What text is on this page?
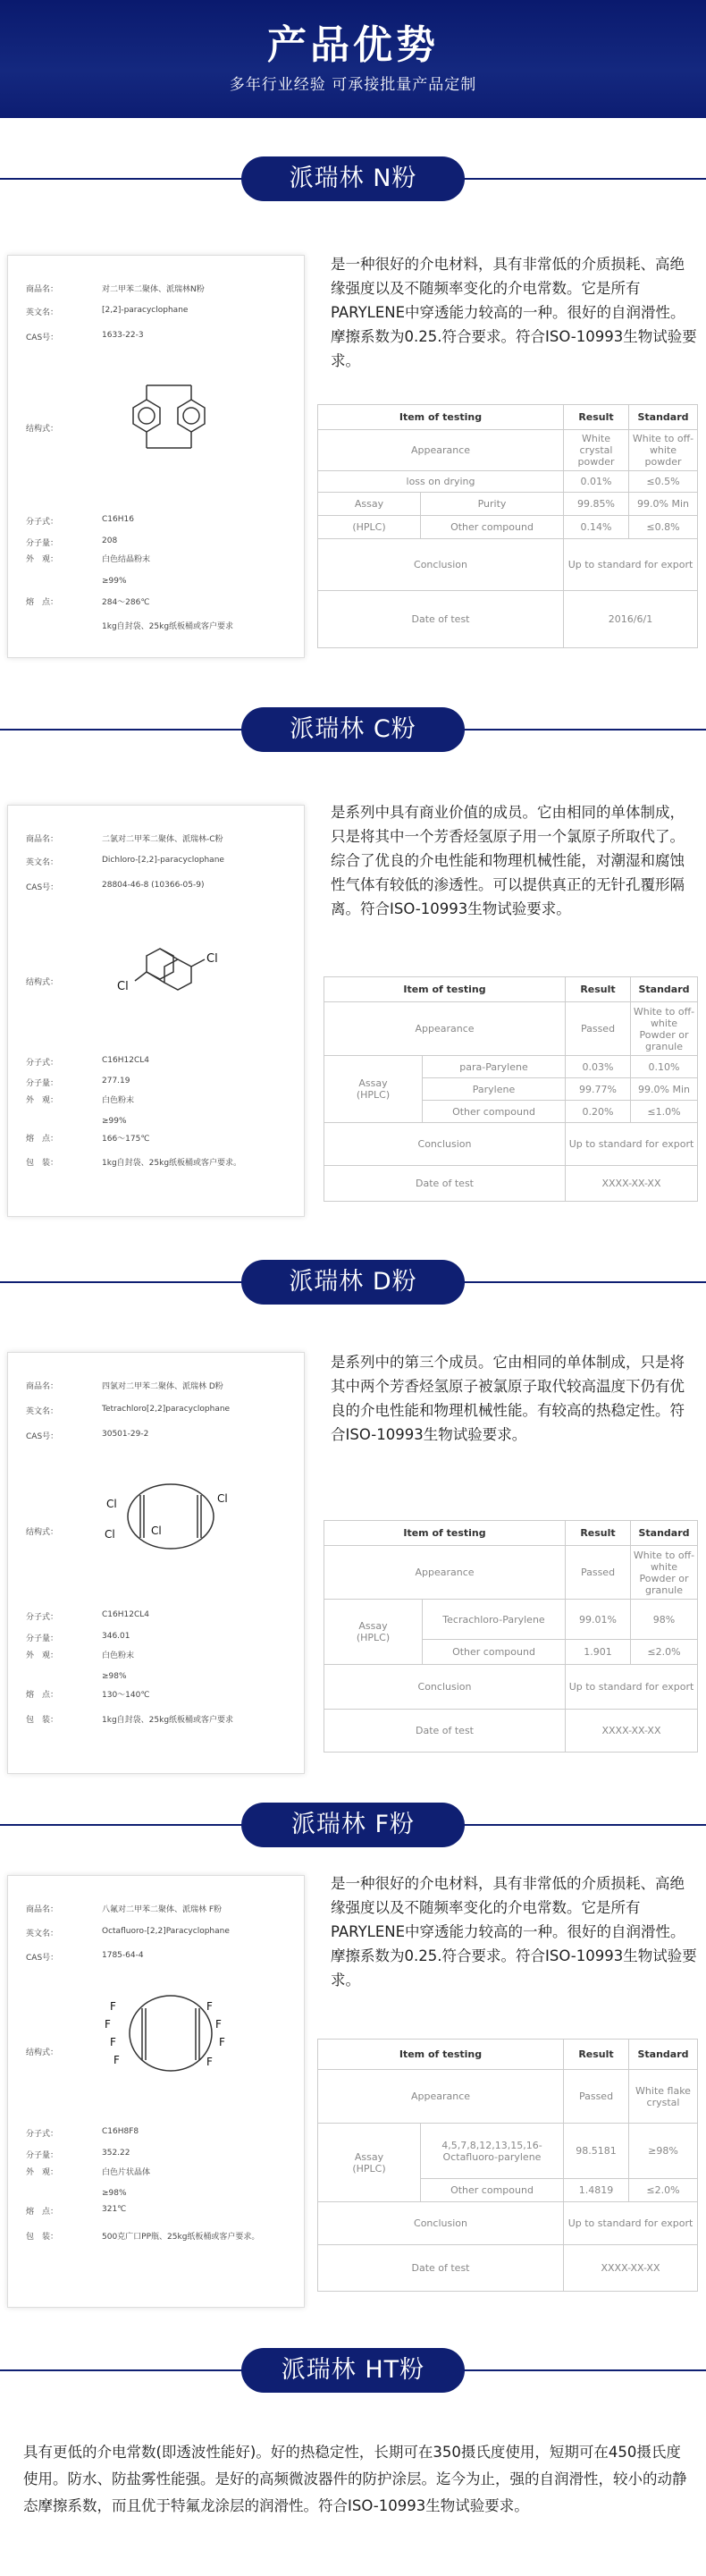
产品优势

多年行业经验 可承接批量产品定制

派瑞林 N粉
商品名：	对二甲苯二聚体、派瑞林N粉
英文名：	[2,2]-paracyclophane
CAS号：	1633-22-3
结构式：
分子式：	C16H16
分子量：	208
外　观：	白色结晶粉末
≥99%
熔　点：	284～286℃
1kg自封袋、25kg纸板桶或客户要求
是一种很好的介电材料，具有非常低的介质损耗、高绝缘强度以及不随频率变化的介电常数。它是所有PARYLENE中穿透能力较高的一种。很好的自润滑性。摩擦系数为0.25.符合要求。符合ISO-10993生物试验要求。
Item of testing		Result	Standard
Appearance		White crystal powder	White to off-white powder
loss on drying		0.01%	≤0.5%
Assay	Purity	99.85%	99.0% Min
(HPLC)	Other compound	0.14%	≤0.8%
Conclusion		Up to standard for export	
Date of test		2016/6/1	
派瑞林 C粉
商品名：	二氯对二甲苯二聚体、派瑞林-C粉
英文名：	Dichloro-[2,2]-paracyclophane
CAS号：	28804-46-8 (10366-05-9)
结构式：
Cl
Cl
分子式：	C16H12CL4
分子量：	277.19
外　观：	白色粉末
≥99%
熔　点：	166～175℃
包　装：	1kg自封袋、25kg纸板桶或客户要求。
是系列中具有商业价值的成员。它由相同的单体制成，只是将其中一个芳香烃氢原子用一个氯原子所取代了。综合了优良的介电性能和物理机械性能，对潮湿和腐蚀性气体有较低的渗透性。可以提供真正的无针孔覆形隔离。符合ISO-10993生物试验要求。
Item of testing		Result	Standard
Appearance		Passed	White to off-white Powder or granule
Assay
(HPLC)	para-Parylene	0.03%	0.10%
	Parylene	99.77%	99.0% Min
	Other compound	0.20%	≤1.0%
Conclusion		Up to standard for export	
Date of test		XXXX-XX-XX	
派瑞林 D粉
商品名：	四氯对二甲苯二聚体、派瑞林 D粉
英文名：	Tetrachloro[2,2]paracyclophane
CAS号：	30501-29-2
结构式：
Cl
Cl	Cl
Cl
分子式：	C16H12CL4
分子量：	346.01
外　观：	白色粉末
≥98%
熔　点：	130～140℃
包　装：	1kg自封袋、25kg纸板桶或客户要求
是系列中的第三个成员。它由相同的单体制成，只是将其中两个芳香烃氢原子被氯原子取代较高温度下仍有优良的介电性能和物理机械性能。有较高的热稳定性。符合ISO-10993生物试验要求。
Item of testing		Result	Standard
Appearance		Passed	White to off-white Powder or granule
Assay
(HPLC)	Tecrachloro-Parylene	99.01%	98%
	Other compound	1.901	≤2.0%
Conclusion		Up to standard for export	
Date of test		XXXX-XX-XX	
派瑞林 F粉
商品名：	八氟对二甲苯二聚体、派瑞林 F粉
英文名：	Octafluoro-[2,2]Paracyclophane
CAS号：	1785-64-4
结构式：
F
F
F
F
F
F
F
F
分子式：	C16H8F8
分子量：	352.22
外　观：	白色片状晶体
≥98%
熔　点：	321℃
包　装：	500克广口PP瓶、25kg纸板桶或客户要求。
是一种很好的介电材料，具有非常低的介质损耗、高绝缘强度以及不随频率变化的介电常数。它是所有PARYLENE中穿透能力较高的一种。很好的自润滑性。摩擦系数为0.25.符合要求。符合ISO-10993生物试验要求。
Item of testing		Result	Standard
Appearance		Passed	White flake crystal
Assay
(HPLC)	4,5,7,8,12,13,15,16-Octafluoro-parylene	98.5181	≥98%
	Other compound	1.4819	≤2.0%
Conclusion		Up to standard for export	
Date of test		XXXX-XX-XX	
派瑞林 HT粉
具有更低的介电常数(即透波性能好)。好的热稳定性，长期可在350摄氏度使用，短期可在450摄氏度使用。防水、防盐雾性能强。是好的高频微波器件的防护涂层。迄今为止，强的自润滑性，较小的动静态摩擦系数，而且优于特氟龙涂层的润滑性。符合ISO-10993生物试验要求。
